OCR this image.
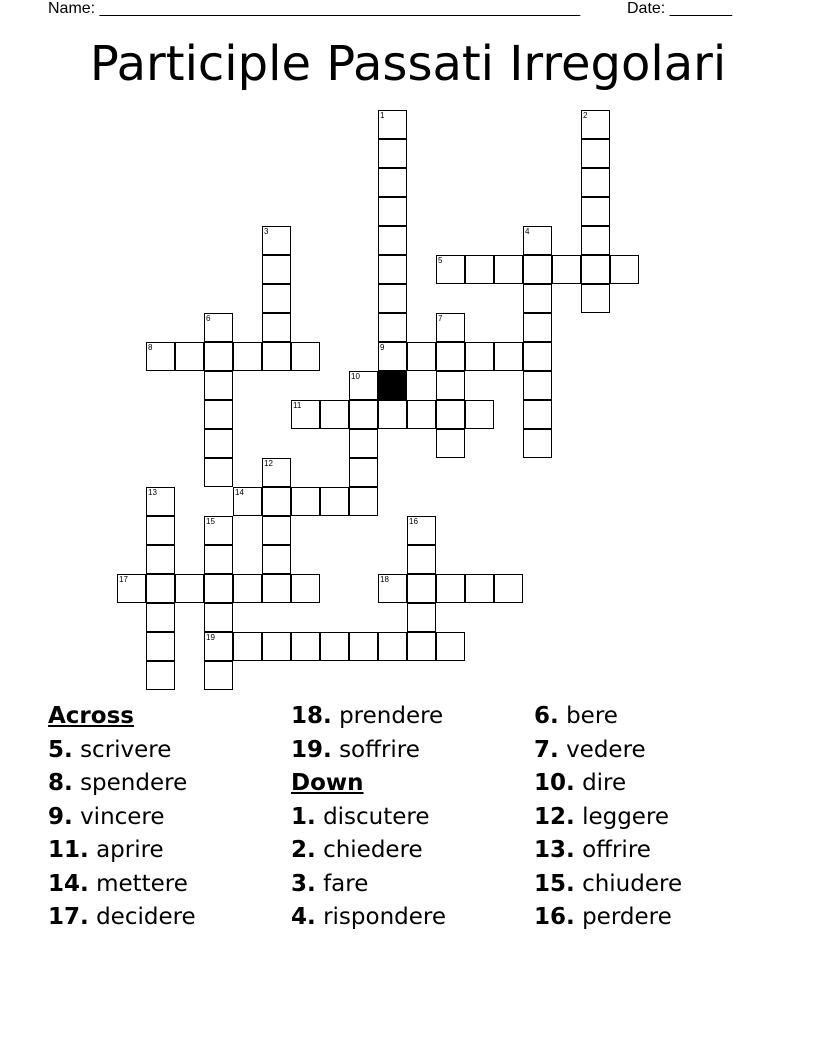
Name: ______________________________________________________	Date: _______
Participle Passati Irregolari
1	2
3	4
5
6	7
8	9
10
11
12
13	14
15
19
16
17	18
Across
5. scrivere
8. spendere
9. vincere
11. aprire
14. mettere
17. decidere
18. prendere
19. soffrire
Down
1. discutere
2. chiedere
3. fare
4. rispondere
6. bere
7. vedere
10. dire
12. leggere
13. offrire
15. chiudere
16. perdere
